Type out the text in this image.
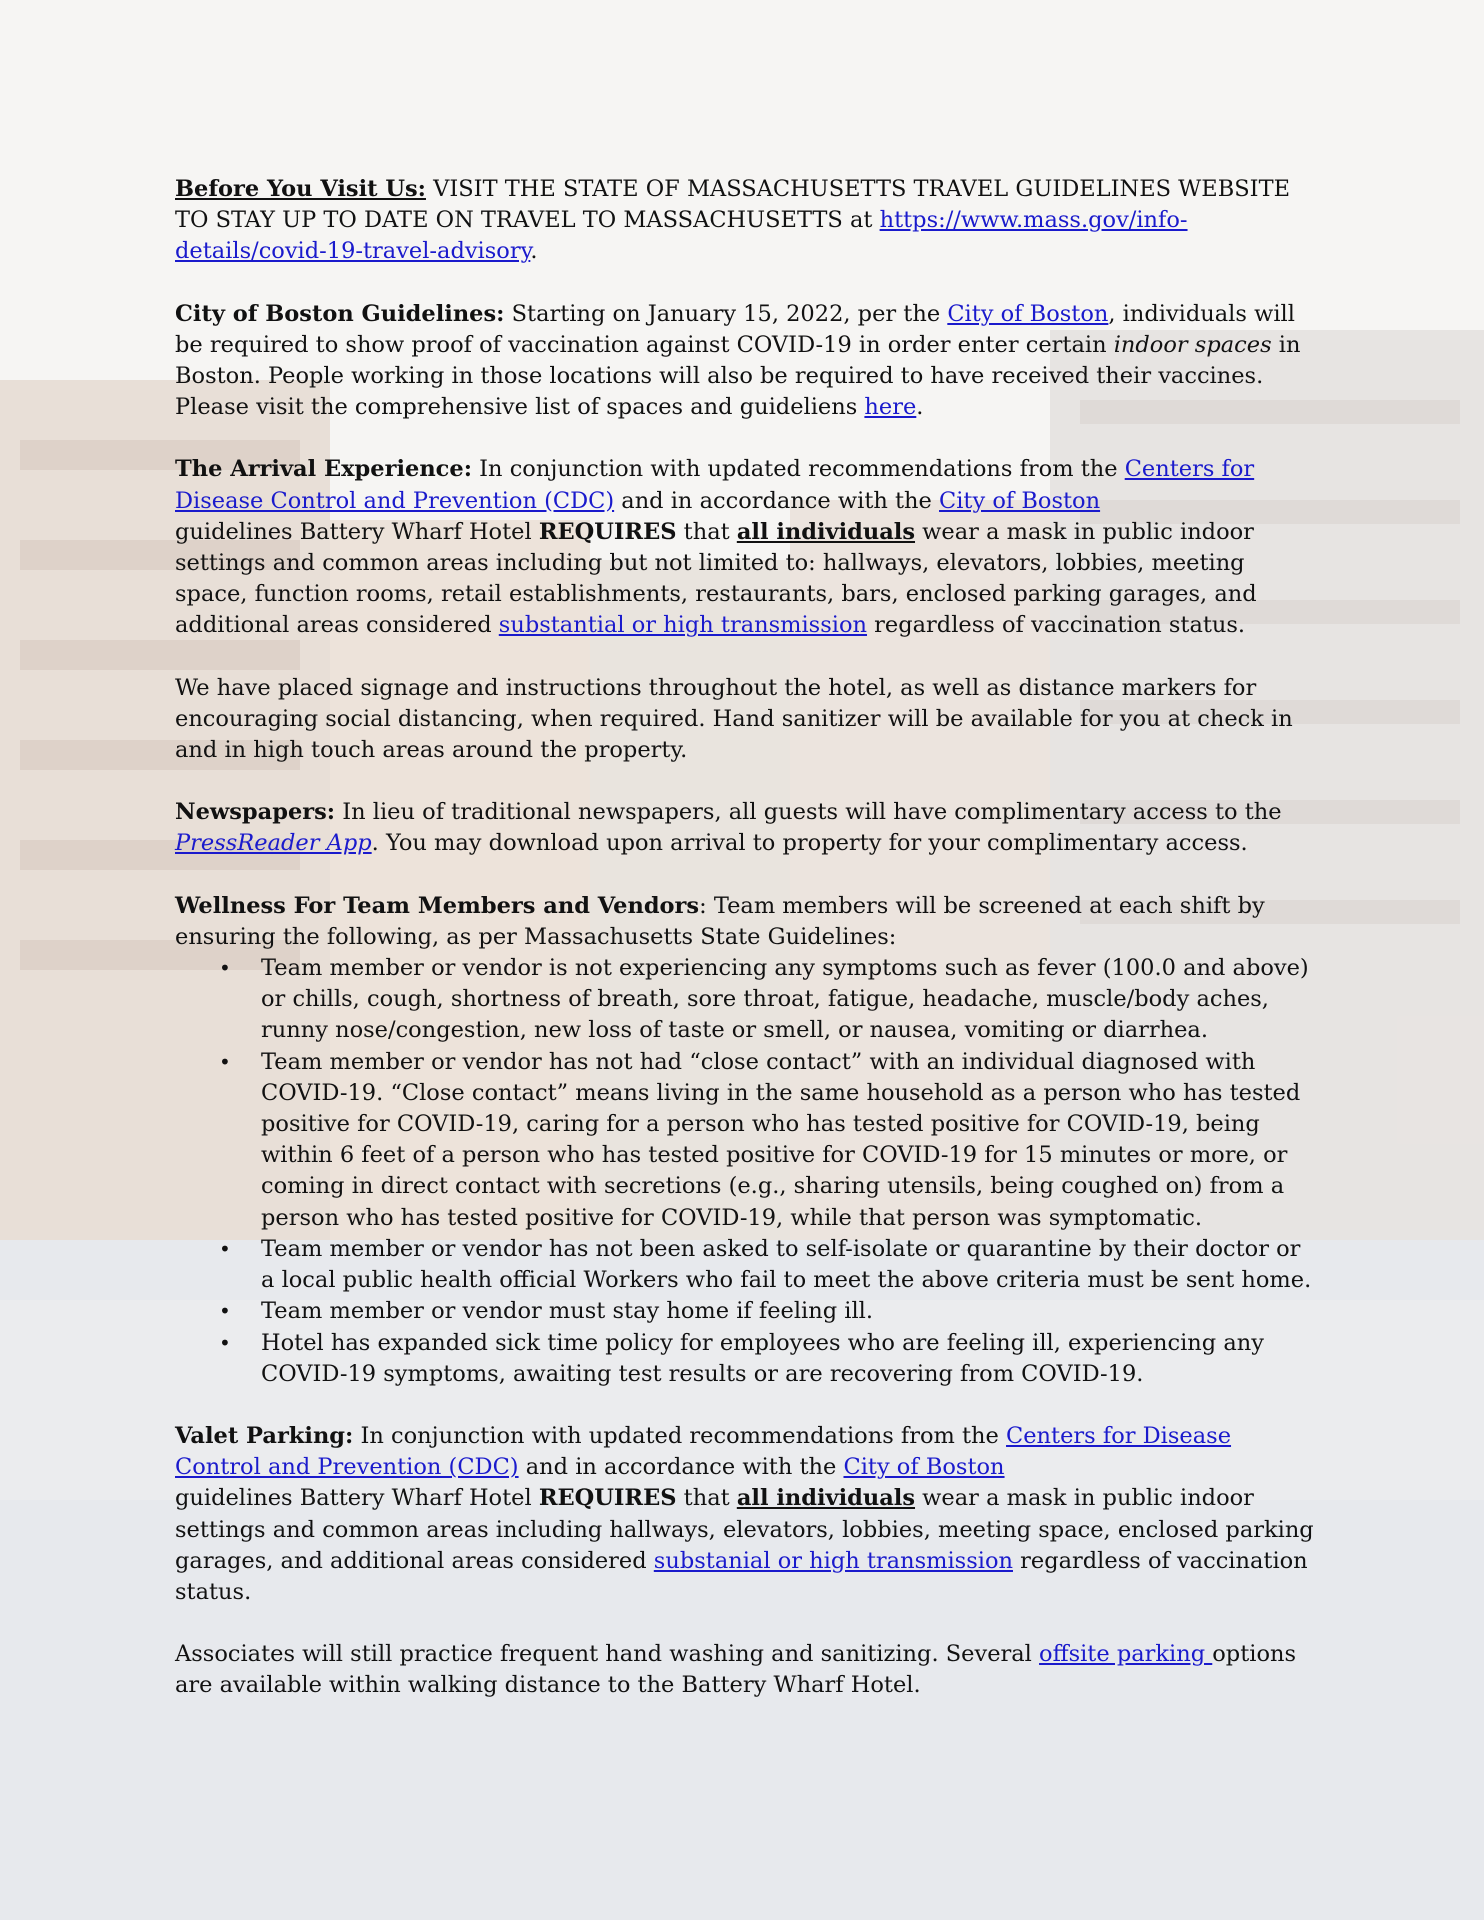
Before You Visit Us: VISIT THE STATE OF MASSACHUSETTS TRAVEL GUIDELINES WEBSITE TO STAY UP TO DATE ON TRAVEL TO MASSACHUSETTS at https://www.mass.gov/info-details/covid-19-travel-advisory.

City of Boston Guidelines: Starting on January 15, 2022, per the City of Boston, individuals will be required to show proof of vaccination against COVID-19 in order enter certain indoor spaces in Boston. People working in those locations will also be required to have received their vaccines. Please visit the comprehensive list of spaces and guideliens here.

The Arrival Experience: In conjunction with updated recommendations from the Centers for Disease Control and Prevention (CDC) and in accordance with the City of Boston
guidelines Battery Wharf Hotel REQUIRES that all individuals wear a mask in public indoor settings and common areas including but not limited to: hallways, elevators, lobbies, meeting space, function rooms, retail establishments, restaurants, bars, enclosed parking garages, and additional areas considered substantial or high transmission regardless of vaccination status.

We have placed signage and instructions throughout the hotel, as well as distance markers for encouraging social distancing, when required. Hand sanitizer will be available for you at check in and in high touch areas around the property.

Newspapers: In lieu of traditional newspapers, all guests will have complimentary access to the PressReader App. You may download upon arrival to property for your complimentary access.

Wellness For Team Members and Vendors: Team members will be screened at each shift by ensuring the following, as per Massachusetts State Guidelines:

• Team member or vendor is not experiencing any symptoms such as fever (100.0 and above) or chills, cough, shortness of breath, sore throat, fatigue, headache, muscle/body aches, runny nose/congestion, new loss of taste or smell, or nausea, vomiting or diarrhea.
• Team member or vendor has not had “close contact” with an individual diagnosed with COVID-19. “Close contact” means living in the same household as a person who has tested positive for COVID-19, caring for a person who has tested positive for COVID-19, being within 6 feet of a person who has tested positive for COVID-19 for 15 minutes or more, or coming in direct contact with secretions (e.g., sharing utensils, being coughed on) from a person who has tested positive for COVID-19, while that person was symptomatic.
• Team member or vendor has not been asked to self-isolate or quarantine by their doctor or a local public health official Workers who fail to meet the above criteria must be sent home.
• Team member or vendor must stay home if feeling ill.
• Hotel has expanded sick time policy for employees who are feeling ill, experiencing any COVID-19 symptoms, awaiting test results or are recovering from COVID-19.

Valet Parking: In conjunction with updated recommendations from the Centers for Disease Control and Prevention (CDC) and in accordance with the City of Boston
guidelines Battery Wharf Hotel REQUIRES that all individuals wear a mask in public indoor settings and common areas including hallways, elevators, lobbies, meeting space, enclosed parking garages, and additional areas considered substanial or high transmission regardless of vaccination status.

Associates will still practice frequent hand washing and sanitizing. Several offsite parking options are available within walking distance to the Battery Wharf Hotel.
